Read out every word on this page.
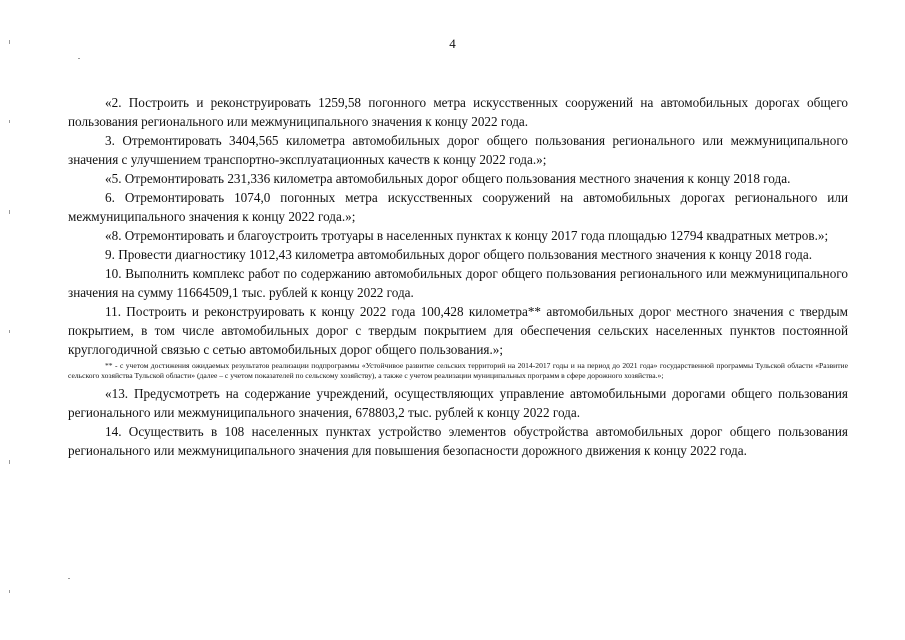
4

«2. Построить и реконструировать 1259,58 погонного метра искусственных сооружений на автомобильных дорогах общего пользования регионального или межмуниципального значения к концу 2022 года.

3. Отремонтировать 3404,565 километра автомобильных дорог общего пользования регионального или межмуниципального значения с улучшением транспортно-эксплуатационных качеств к концу 2022 года.»;

«5. Отремонтировать 231,336 километра автомобильных дорог общего пользования местного значения к концу 2018 года.

6. Отремонтировать 1074,0 погонных метра искусственных сооружений на автомобильных дорогах регионального или межмуниципального значения к концу 2022 года.»;

«8. Отремонтировать и благоустроить тротуары в населенных пунктах к концу 2017 года площадью 12794 квадратных метров.»;

9. Провести диагностику 1012,43 километра автомобильных дорог общего пользования местного значения к концу 2018 года.

10. Выполнить комплекс работ по содержанию автомобильных дорог общего пользования регионального или межмуниципального значения на сумму 11664509,1 тыс. рублей к концу 2022 года.

11. Построить и реконструировать к концу 2022 года 100,428 километра** автомобильных дорог местного значения с твердым покрытием, в том числе автомобильных дорог с твердым покрытием для обеспечения сельских населенных пунктов постоянной круглогодичной связью с сетью автомобильных дорог общего пользования.»;

** - с учетом достижения ожидаемых результатов реализации подпрограммы «Устойчивое развитие сельских территорий на 2014-2017 годы и на период до 2021 года» государственной программы Тульской области «Развитие сельского хозяйства Тульской области» (далее – с учетом показателей по сельскому хозяйству), а также с учетом реализации муниципальных программ в сфере дорожного хозяйства.»;

«13. Предусмотреть на содержание учреждений, осуществляющих управление автомобильными дорогами общего пользования регионального или межмуниципального значения, 678803,2 тыс. рублей к концу 2022 года.

14. Осуществить в 108 населенных пунктах устройство элементов обустройства автомобильных дорог общего пользования регионального или межмуниципального значения для повышения безопасности дорожного движения к концу 2022 года.
